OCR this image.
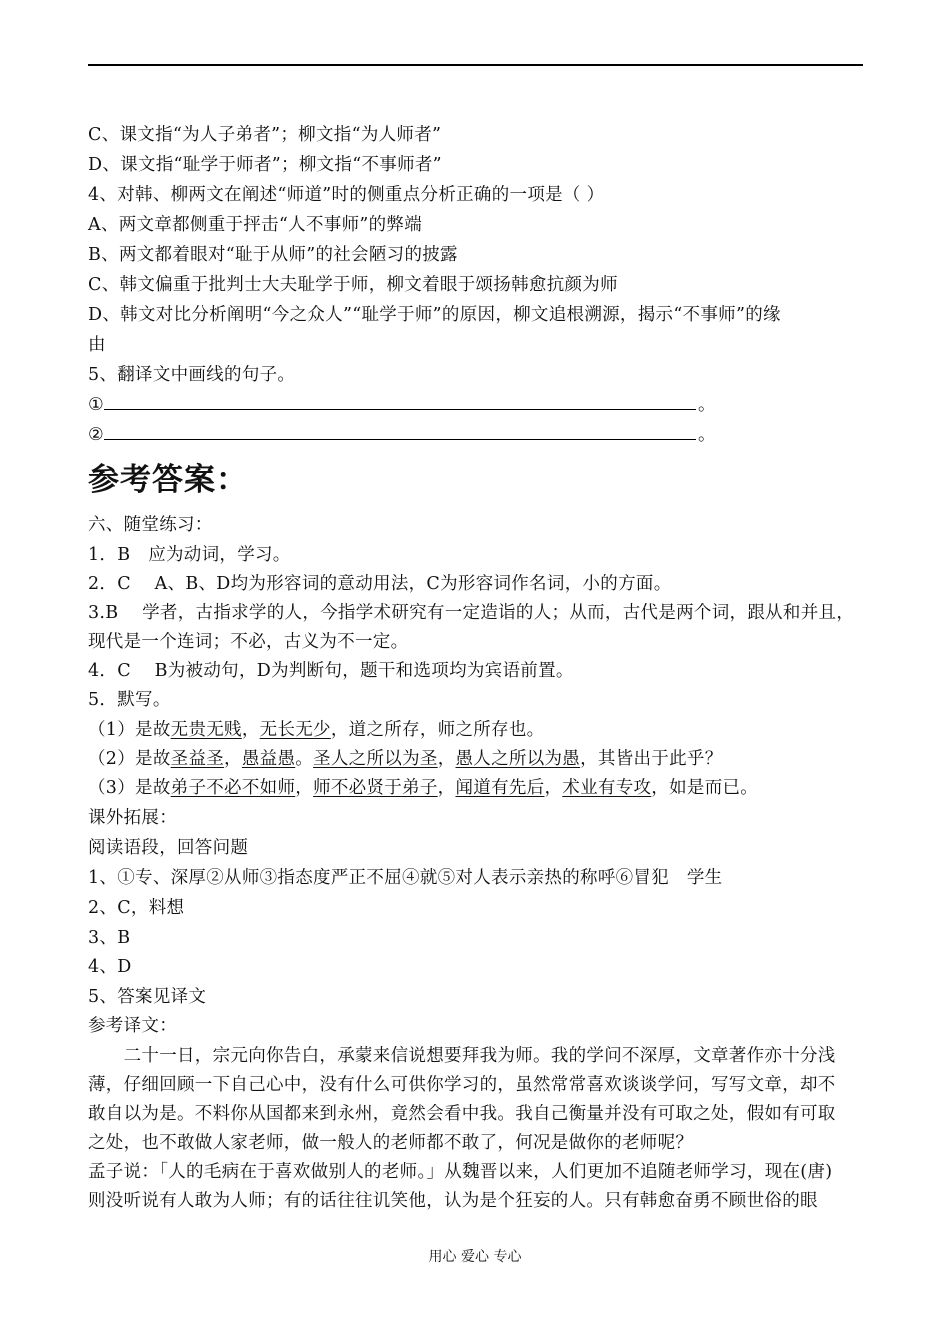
C、课文指“为人子弟者”；柳文指“为人师者”
D、课文指“耻学于师者”；柳文指“不事师者”
4、对韩、柳两文在阐述“师道”时的侧重点分析正确的一项是（ ）
A、两文章都侧重于抨击“人不事师”的弊端
B、两文都着眼对“耻于从师”的社会陋习的披露
C、韩文偏重于批判士大夫耻学于师，柳文着眼于颂扬韩愈抗颜为师
D、韩文对比分析阐明“今之众人”“耻学于师”的原因，柳文追根溯源，揭示“不事师”的缘
由
5、翻译文中画线的句子。
①	。
②	。
参考答案：
六、随堂练习：
1．B　应为动词，学习。
2．C　 A、B、D均为形容词的意动用法，C为形容词作名词，小的方面。
3.B　 学者，古指求学的人，今指学术研究有一定造诣的人；从而，古代是两个词，跟从和并且，
现代是一个连词；不必，古义为不一定。
4．C　 B为被动句，D为判断句，题干和选项均为宾语前置。
5．默写。
（1）是故无贵无贱，无长无少，道之所存，师之所存也。
（2）是故圣益圣，愚益愚。圣人之所以为圣，愚人之所以为愚，其皆出于此乎？
（3）是故弟子不必不如师，师不必贤于弟子，闻道有先后，术业有专攻，如是而已。
课外拓展：
阅读语段，回答问题
1、①专、深厚②从师③指态度严正不屈④就⑤对人表示亲热的称呼⑥冒犯　学生
2、C，料想
3、B
4、D
5、答案见译文
参考译文：
　　二十一日，宗元向你告白，承蒙来信说想要拜我为师。我的学问不深厚，文章著作亦十分浅
薄，仔细回顾一下自己心中，没有什么可供你学习的，虽然常常喜欢谈谈学问，写写文章，却不
敢自以为是。不料你从国都来到永州，竟然会看中我。我自己衡量并没有可取之处，假如有可取
之处，也不敢做人家老师，做一般人的老师都不敢了，何况是做你的老师呢？
孟子说：「人的毛病在于喜欢做别人的老师。」从魏晋以来，人们更加不追随老师学习，现在(唐)
则没听说有人敢为人师；有的话往往讥笑他，认为是个狂妄的人。只有韩愈奋勇不顾世俗的眼
用心 爱心 专心
